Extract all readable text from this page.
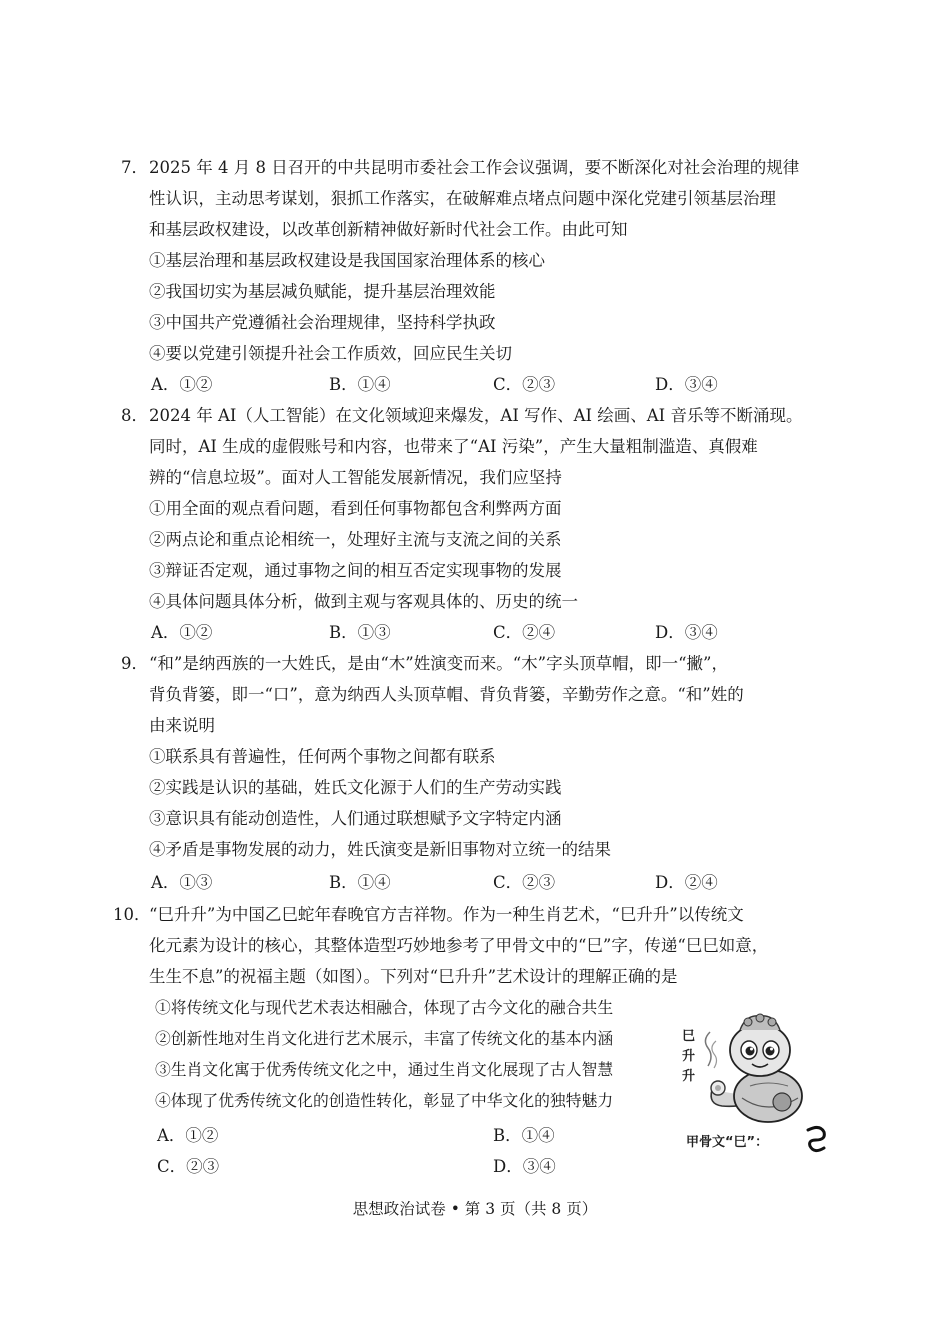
7． 2025 年 4 月 8 日召开的中共昆明市委社会工作会议强调，要不断深化对社会治理的规律
性认识，主动思考谋划，狠抓工作落实，在破解难点堵点问题中深化党建引领基层治理
和基层政权建设，以改革创新精神做好新时代社会工作。由此可知
①基层治理和基层政权建设是我国国家治理体系的核心
②我国切实为基层减负赋能，提升基层治理效能
③中国共产党遵循社会治理规律，坚持科学执政
④要以党建引领提升社会工作质效，回应民生关切
A．①②	B．①④	C．②③	D．③④
8． 2024 年 AI（人工智能）在文化领域迎来爆发，AI 写作、AI 绘画、AI 音乐等不断涌现。
同时，AI 生成的虚假账号和内容，也带来了“AI 污染”，产生大量粗制滥造、真假难
辨的“信息垃圾”。面对人工智能发展新情况，我们应坚持
①用全面的观点看问题，看到任何事物都包含利弊两方面
②两点论和重点论相统一，处理好主流与支流之间的关系
③辩证否定观，通过事物之间的相互否定实现事物的发展
④具体问题具体分析，做到主观与客观具体的、历史的统一
A．①②	B．①③	C．②④	D．③④
9． “和”是纳西族的一大姓氏，是由“木”姓演变而来。“木”字头顶草帽，即一“撇”，
背负背篓，即一“口”，意为纳西人头顶草帽、背负背篓，辛勤劳作之意。“和”姓的
由来说明
①联系具有普遍性，任何两个事物之间都有联系
②实践是认识的基础，姓氏文化源于人们的生产劳动实践
③意识具有能动创造性，人们通过联想赋予文字特定内涵
④矛盾是事物发展的动力，姓氏演变是新旧事物对立统一的结果
A．①③	B．①④	C．②③	D．②④
10．
“巳升升”为中国乙巳蛇年春晚官方吉祥物。作为一种生肖艺术，“巳升升”以传统文
化元素为设计的核心，其整体造型巧妙地参考了甲骨文中的“巳”字，传递“巳巳如意，
生生不息”的祝福主题（如图）。下列对“巳升升”艺术设计的理解正确的是
①将传统文化与现代艺术表达相融合，体现了古今文化的融合共生
②创新性地对生肖文化进行艺术展示，丰富了传统文化的基本内涵
③生肖文化寓于优秀传统文化之中，通过生肖文化展现了古人智慧
④体现了优秀传统文化的创造性转化，彰显了中华文化的独特魅力
A．①②	B．①④
C．②③	D．③④
巳
升
升
甲骨文“巳”：
思想政治试卷 • 第 3 页（共 8 页）
